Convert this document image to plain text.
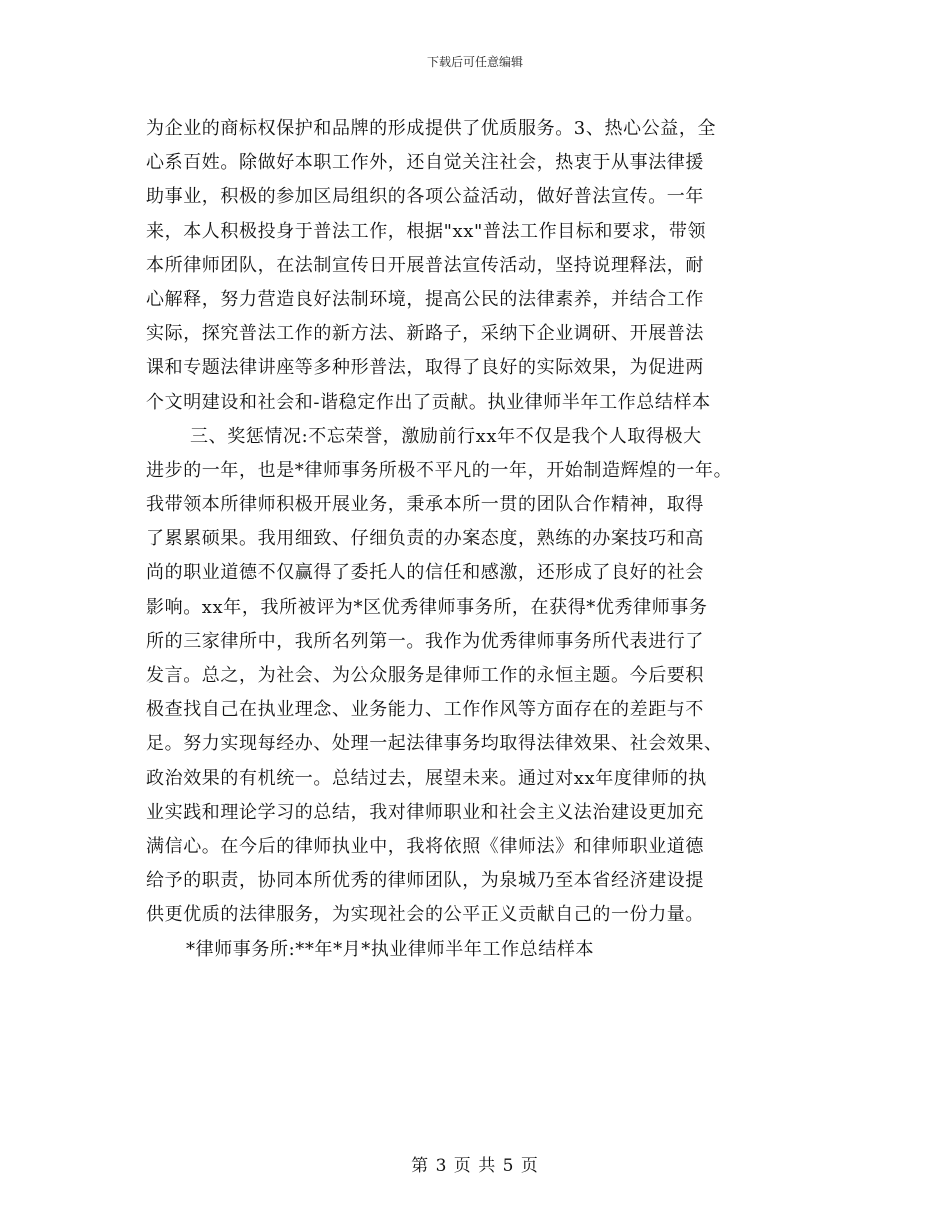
下载后可任意编辑
为企业的商标权保护和品牌的形成提供了优质服务。3、热心公益，全
心系百姓。除做好本职工作外，还自觉关注社会，热衷于从事法律援
助事业，积极的参加区局组织的各项公益活动，做好普法宣传。一年
来，本人积极投身于普法工作，根据"xx"普法工作目标和要求，带领
本所律师团队，在法制宣传日开展普法宣传活动，坚持说理释法，耐
心解释，努力营造良好法制环境，提高公民的法律素养，并结合工作
实际，探究普法工作的新方法、新路子，采纳下企业调研、开展普法
课和专题法律讲座等多种形普法，取得了良好的实际效果，为促进两
个文明建设和社会和-谐稳定作出了贡献。执业律师半年工作总结样本
三、奖惩情况:不忘荣誉，激励前行xx年不仅是我个人取得极大
进步的一年，也是*律师事务所极不平凡的一年，开始制造辉煌的一年。
我带领本所律师积极开展业务，秉承本所一贯的团队合作精神，取得
了累累硕果。我用细致、仔细负责的办案态度，熟练的办案技巧和高
尚的职业道德不仅赢得了委托人的信任和感激，还形成了良好的社会
影响。xx年，我所被评为*区优秀律师事务所，在获得*优秀律师事务
所的三家律所中，我所名列第一。我作为优秀律师事务所代表进行了
发言。总之，为社会、为公众服务是律师工作的永恒主题。今后要积
极查找自己在执业理念、业务能力、工作作风等方面存在的差距与不
足。努力实现每经办、处理一起法律事务均取得法律效果、社会效果、
政治效果的有机统一。总结过去，展望未来。通过对xx年度律师的执
业实践和理论学习的总结，我对律师职业和社会主义法治建设更加充
满信心。在今后的律师执业中，我将依照《律师法》和律师职业道德
给予的职责，协同本所优秀的律师团队，为泉城乃至本省经济建设提
供更优质的法律服务，为实现社会的公平正义贡献自己的一份力量。
*律师事务所:**年*月*执业律师半年工作总结样本
第 3 页 共 5 页
